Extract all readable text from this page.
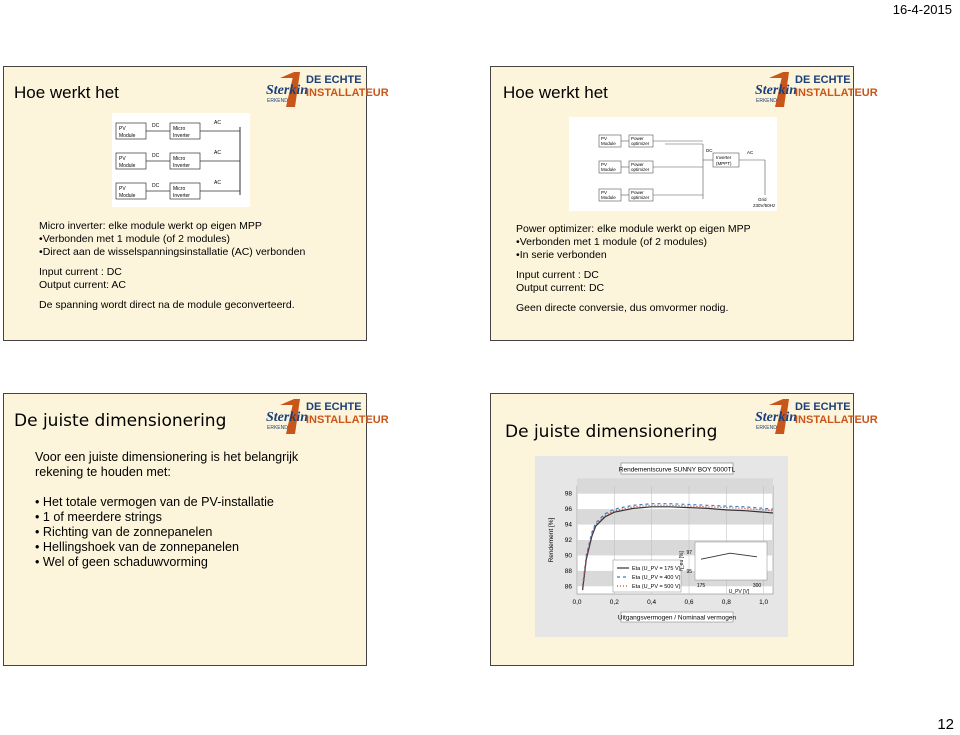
16-4-2015
Hoe werkt het	Sterkin
ERKEND
DE ECHTE
INSTALLATEUR
PV
Module
DC	Micro
Inverter
AC
PV
Module
DC	Micro
Inverter
AC
PV
Module
DC	Micro
Inverter
AC
Micro inverter: elke module werkt op eigen MPP
• Verbonden met 1 module (of 2 modules)
• Direct aan de wisselspanningsinstallatie (AC) verbonden
Input current : DC
Output current: AC
De spanning wordt direct na de module geconverteerd.
Hoe werkt het	Sterkin
ERKEND
DE ECHTE
INSTALLATEUR
PV
Module
Power
optimizer
PV
Module
Power
optimizer
PV
Module
Power
optimizer
DC
Inverter
(MPPT)
AC
Grid
230V/50Hz
Power optimizer: elke module werkt op eigen MPP
• Verbonden met 1 module (of 2 modules)
• In serie verbonden
Input current : DC
Output current: DC
Geen directe conversie, dus omvormer nodig.
De juiste dimensionering	Sterkin
ERKEND
DE ECHTE
INSTALLATEUR
Voor een juiste dimensionering is het belangrijk
rekening te houden met:
• Het totale vermogen van de PV-installatie
• 1 of meerdere strings
• Richting van de zonnepanelen
• Hellingshoek van de zonnepanelen
• Wel of geen schaduwvorming
De juiste dimensionering
Sterkin
ERKEND
DE ECHTE
INSTALLATEUR
0,0	0,2	0,4	0,6	0,8	1,0
86
88
90
92
94
96
98
Rendementscurve SUNNY BOY 5000TL
Rendement [%]
Uitgangsvermogen / Nominaal vermogen
Eta (U_PV = 175 V)
Eta (U_PV = 400 V)
Eta (U_PV = 500 V)
97
95
175	300
η_eu [%]
U_PV [V]
12
